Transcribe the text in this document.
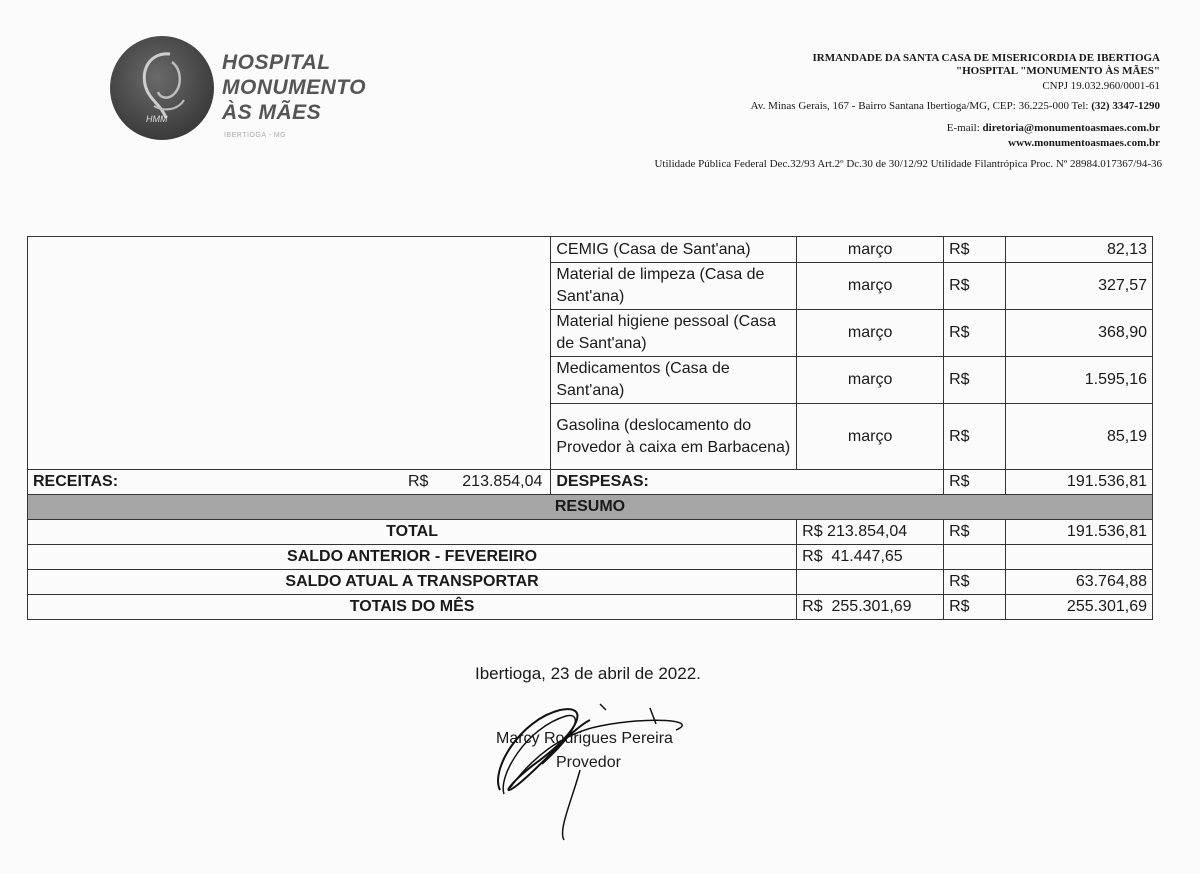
HMM
HOSPITAL
MONUMENTO
ÀS MÃES
IBERTIOGA - MG
IRMANDADE DA SANTA CASA DE MISERICORDIA DE IBERTIOGA
"HOSPITAL "MONUMENTO ÀS MÃES"
CNPJ 19.032.960/0001-61
Av. Minas Gerais, 167 - Bairro Santana Ibertioga/MG, CEP: 36.225-000 Tel: (32) 3347-1290
E-mail: diretoria@monumentoasmaes.com.br
www.monumentoasmaes.com.br
Utilidade Pública Federal Dec.32/93 Art.2º Dc.30 de 30/12/92 Utilidade Filantrópica Proc. Nº 28984.017367/94-36
	CEMIG (Casa de Sant'ana)	março	R$	82,13
	Material de limpeza (Casa de Sant'ana)	março	R$	327,57
	Material higiene pessoal (Casa de Sant'ana)	março	R$	368,90
	Medicamentos (Casa de Sant'ana)	março	R$	1.595,16
	Gasolina (deslocamento do Provedor à caixa em Barbacena)	março	R$	85,19
RECEITAS: R$ 213.854,04	DESPESAS:		R$	191.536,81
RESUMO				
TOTAL		R$ 213.854,04	R$	191.536,81
SALDO ANTERIOR - FEVEREIRO		R$  41.447,65		
SALDO ATUAL A TRANSPORTAR			R$	63.764,88
TOTAIS DO MÊS		R$  255.301,69	R$	255.301,69
Ibertioga, 23 de abril de 2022.
Marcy Rodrigues Pereira
Provedor
